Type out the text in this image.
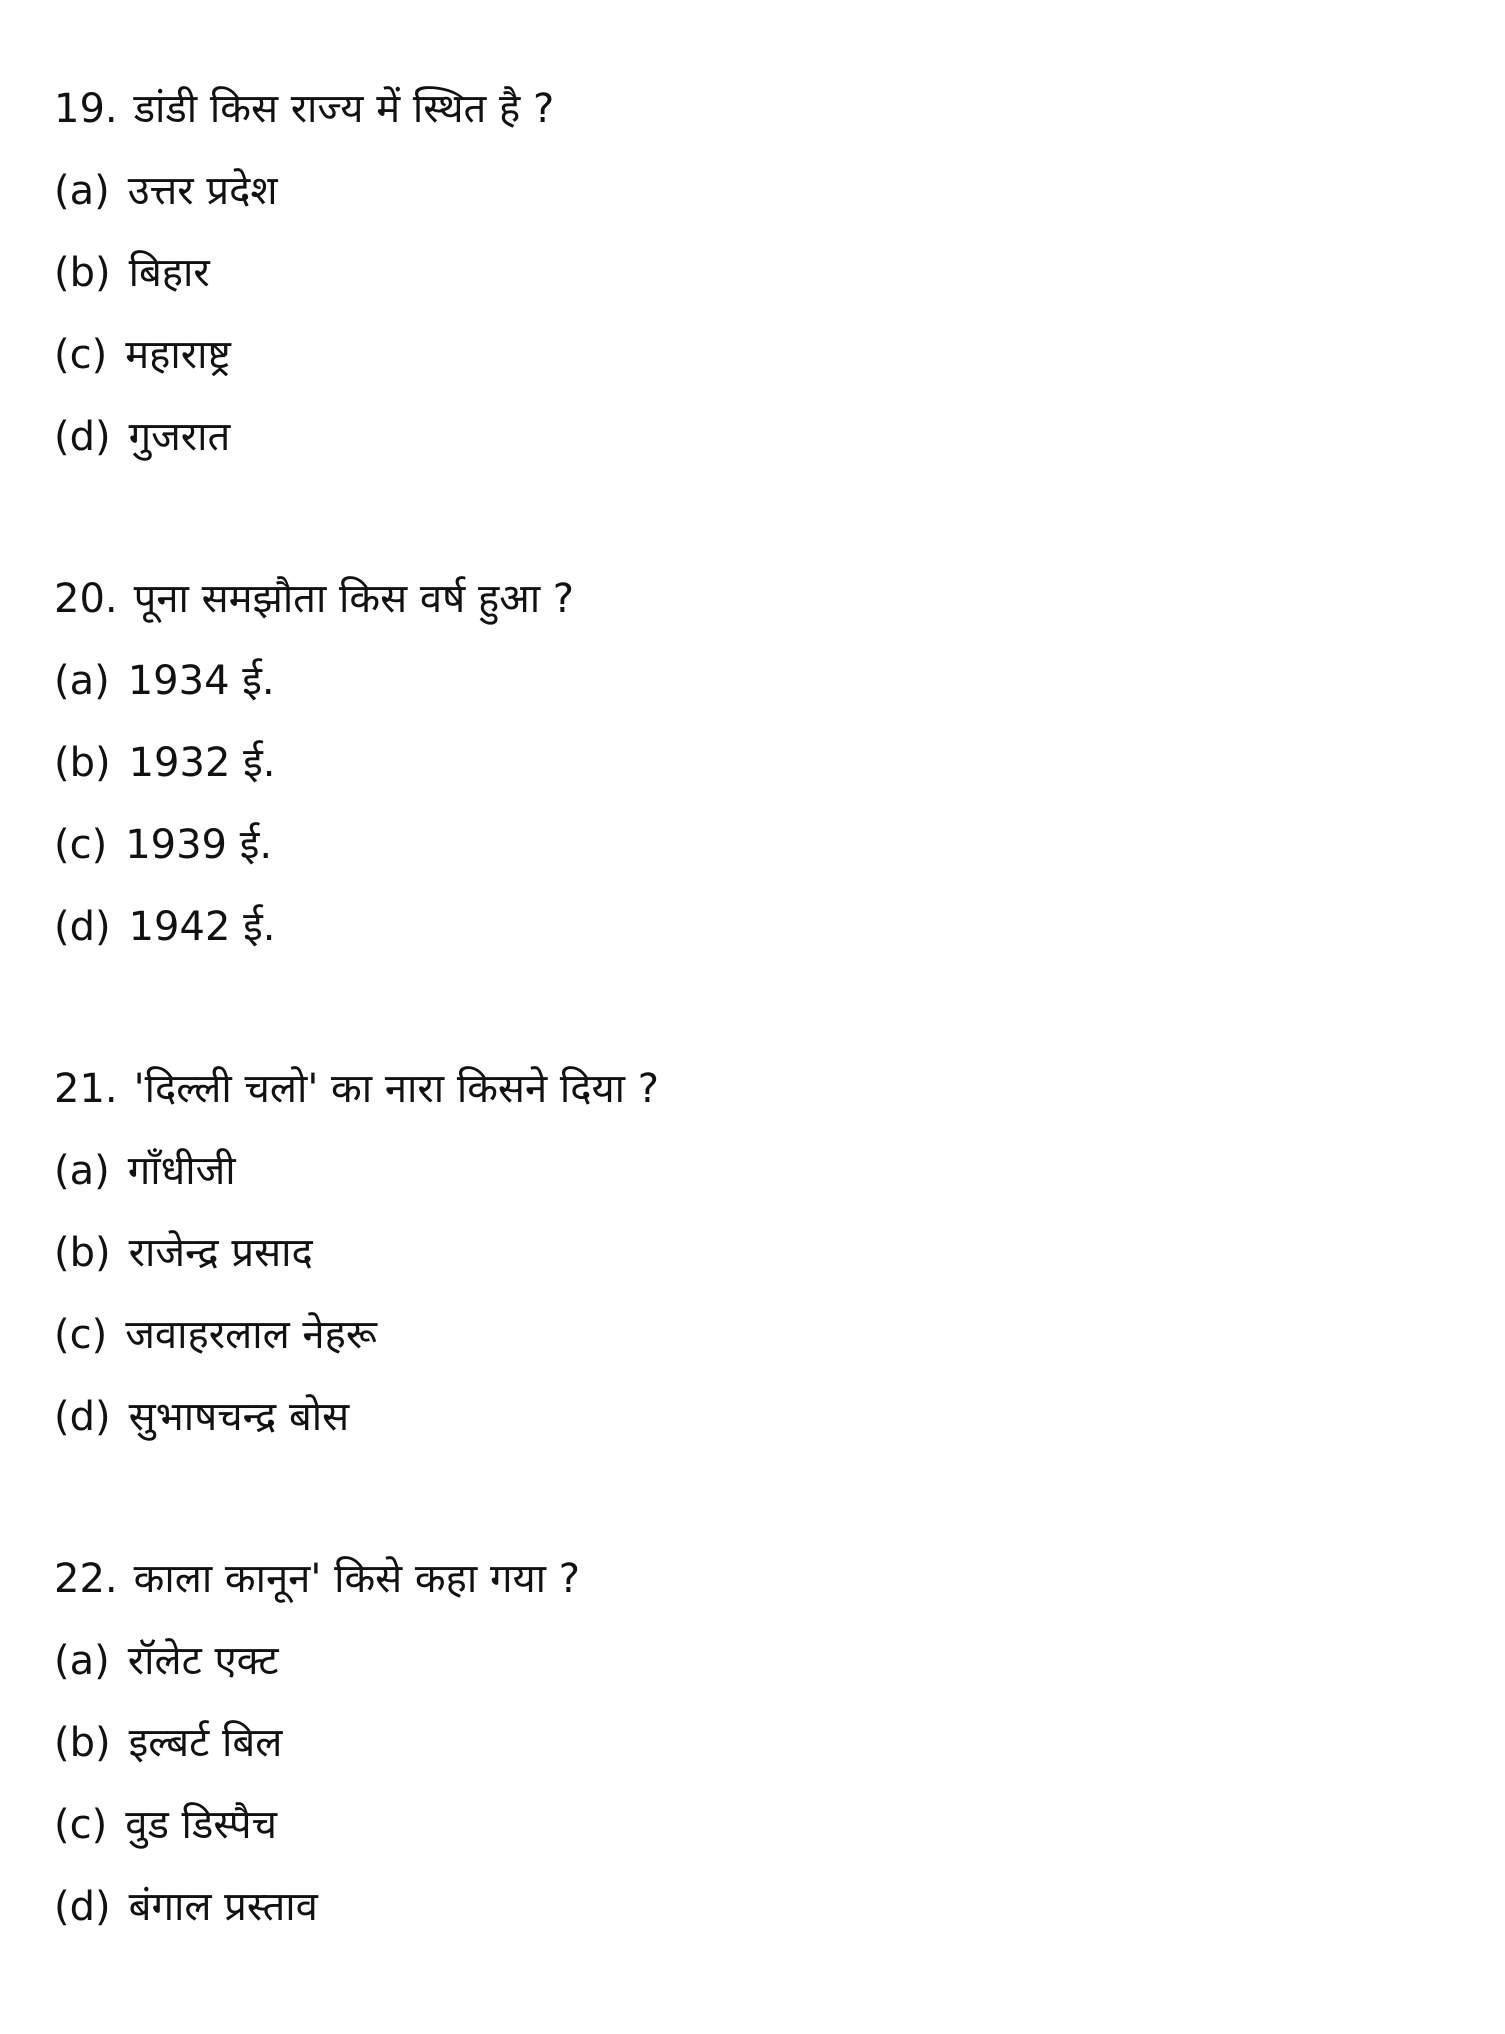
19. डांडी किस राज्य में स्थित है ?
(a) उत्तर प्रदेश
(b) बिहार
(c) महाराष्ट्र
(d) गुजरात
20. पूना समझौता किस वर्ष हुआ ?
(a) 1934 ई.
(b) 1932 ई.
(c) 1939 ई.
(d) 1942 ई.
21. 'दिल्ली चलो' का नारा किसने दिया ?
(a) गाँधीजी
(b) राजेन्द्र प्रसाद
(c) जवाहरलाल नेहरू
(d) सुभाषचन्द्र बोस
22. काला कानून' किसे कहा गया ?
(a) रॉलेट एक्ट
(b) इल्बर्ट बिल
(c) वुड डिस्पैच
(d) बंगाल प्रस्ताव
